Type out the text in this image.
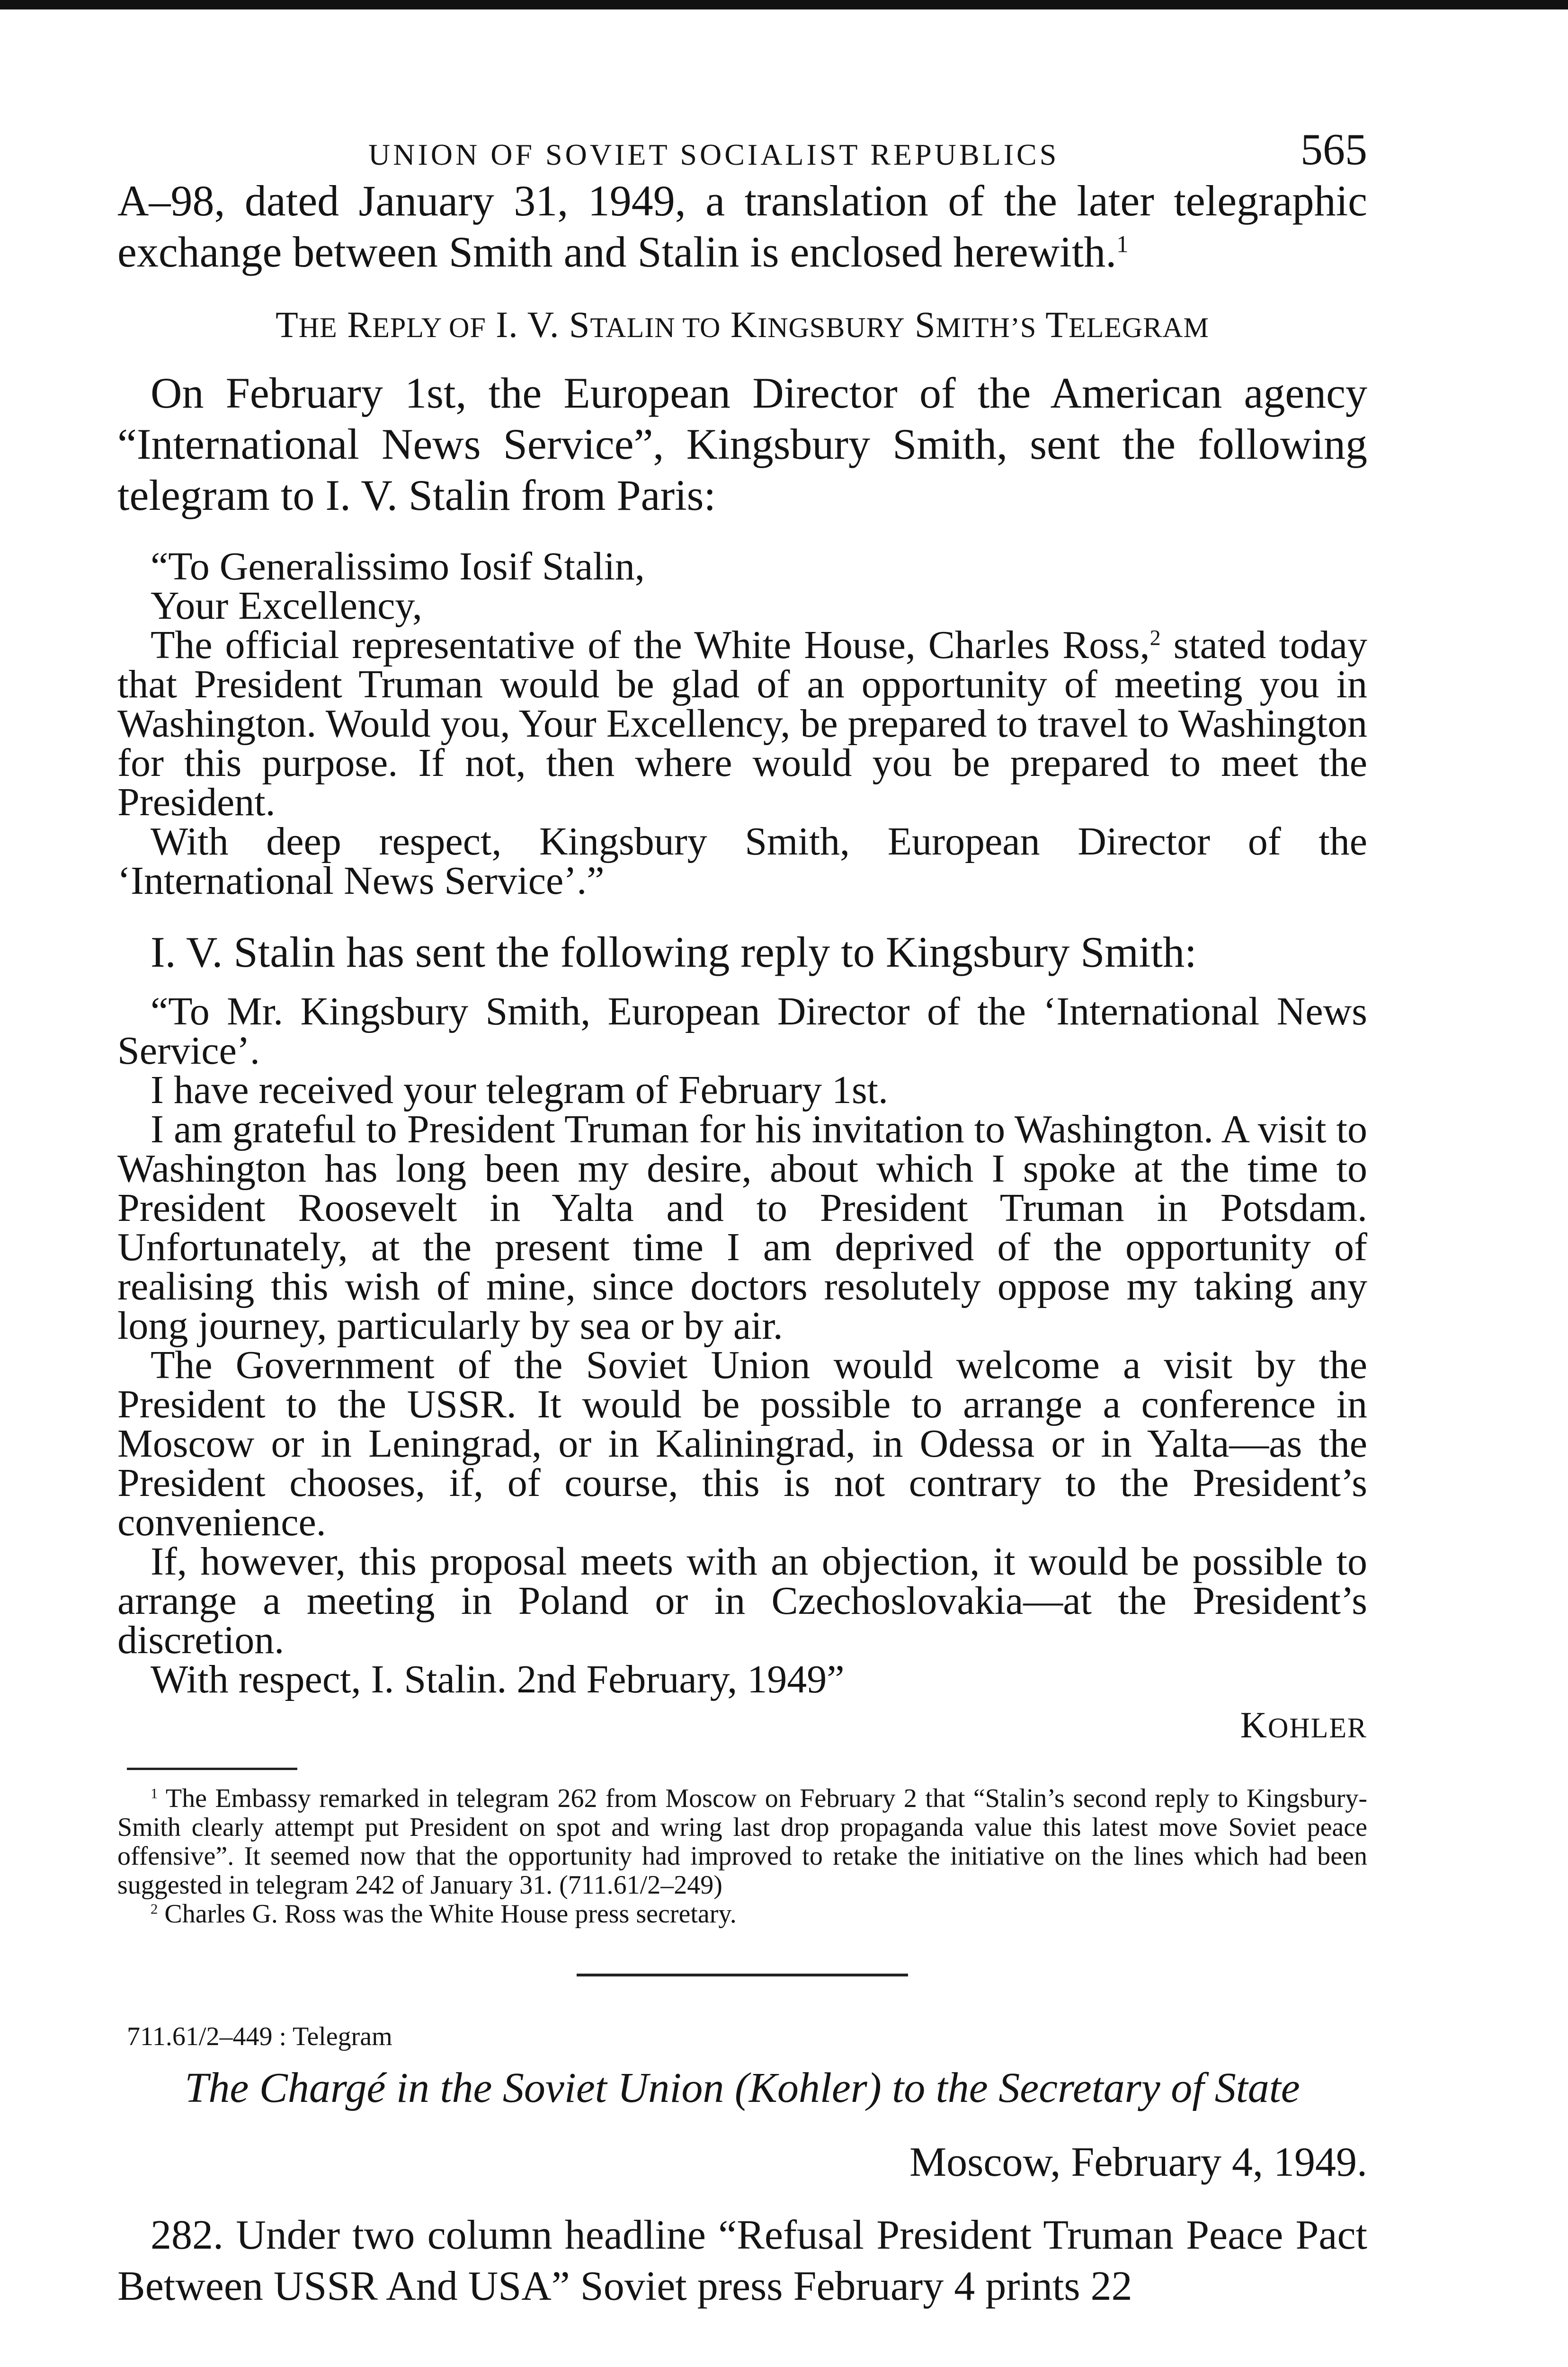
UNION OF SOVIET SOCIALIST REPUBLICS	565

A–98, dated January 31, 1949, a translation of the later telegraphic exchange between Smith and Stalin is enclosed herewith.$^1$

THE REPLY OF I. V. STALIN TO KINGSBURY SMITH’S TELEGRAM

On February 1st, the European Director of the American agency “International News Service”, Kingsbury Smith, sent the following telegram to I. V. Stalin from Paris:

“To Generalissimo Iosif Stalin,

Your Excellency,

The official representative of the White House, Charles Ross,$^2$ stated today that President Truman would be glad of an opportunity of meeting you in Washington. Would you, Your Excellency, be prepared to travel to Washington for this purpose. If not, then where would you be prepared to meet the President.

With deep respect, Kingsbury Smith, European Director of the ‘International News Service’.”

I. V. Stalin has sent the following reply to Kingsbury Smith:

“To Mr. Kingsbury Smith, European Director of the ‘International News Service’.

I have received your telegram of February 1st.

I am grateful to President Truman for his invitation to Washington. A visit to Washington has long been my desire, about which I spoke at the time to President Roosevelt in Yalta and to President Truman in Potsdam. Unfortunately, at the present time I am deprived of the opportunity of realising this wish of mine, since doctors resolutely oppose my taking any long journey, particularly by sea or by air.

The Government of the Soviet Union would welcome a visit by the President to the USSR. It would be possible to arrange a conference in Moscow or in Leningrad, or in Kaliningrad, in Odessa or in Yalta—as the President chooses, if, of course, this is not contrary to the President’s convenience.

If, however, this proposal meets with an objection, it would be possible to arrange a meeting in Poland or in Czechoslovakia—at the President’s discretion.

With respect, I. Stalin. 2nd February, 1949”

KOHLER

$^1$ The Embassy remarked in telegram 262 from Moscow on February 2 that “Stalin’s second reply to Kingsbury-Smith clearly attempt put President on spot and wring last drop propaganda value this latest move Soviet peace offensive”. It seemed now that the opportunity had improved to retake the initiative on the lines which had been suggested in telegram 242 of January 31. (711.61/2–249)

$^2$ Charles G. Ross was the White House press secretary.

711.61/2–449 : Telegram
The Chargé in the Soviet Union (Kohler) to the Secretary of State
Moscow, February 4, 1949.

282. Under two column headline “Refusal President Truman Peace Pact Between USSR And USA” Soviet press February 4 prints 22
